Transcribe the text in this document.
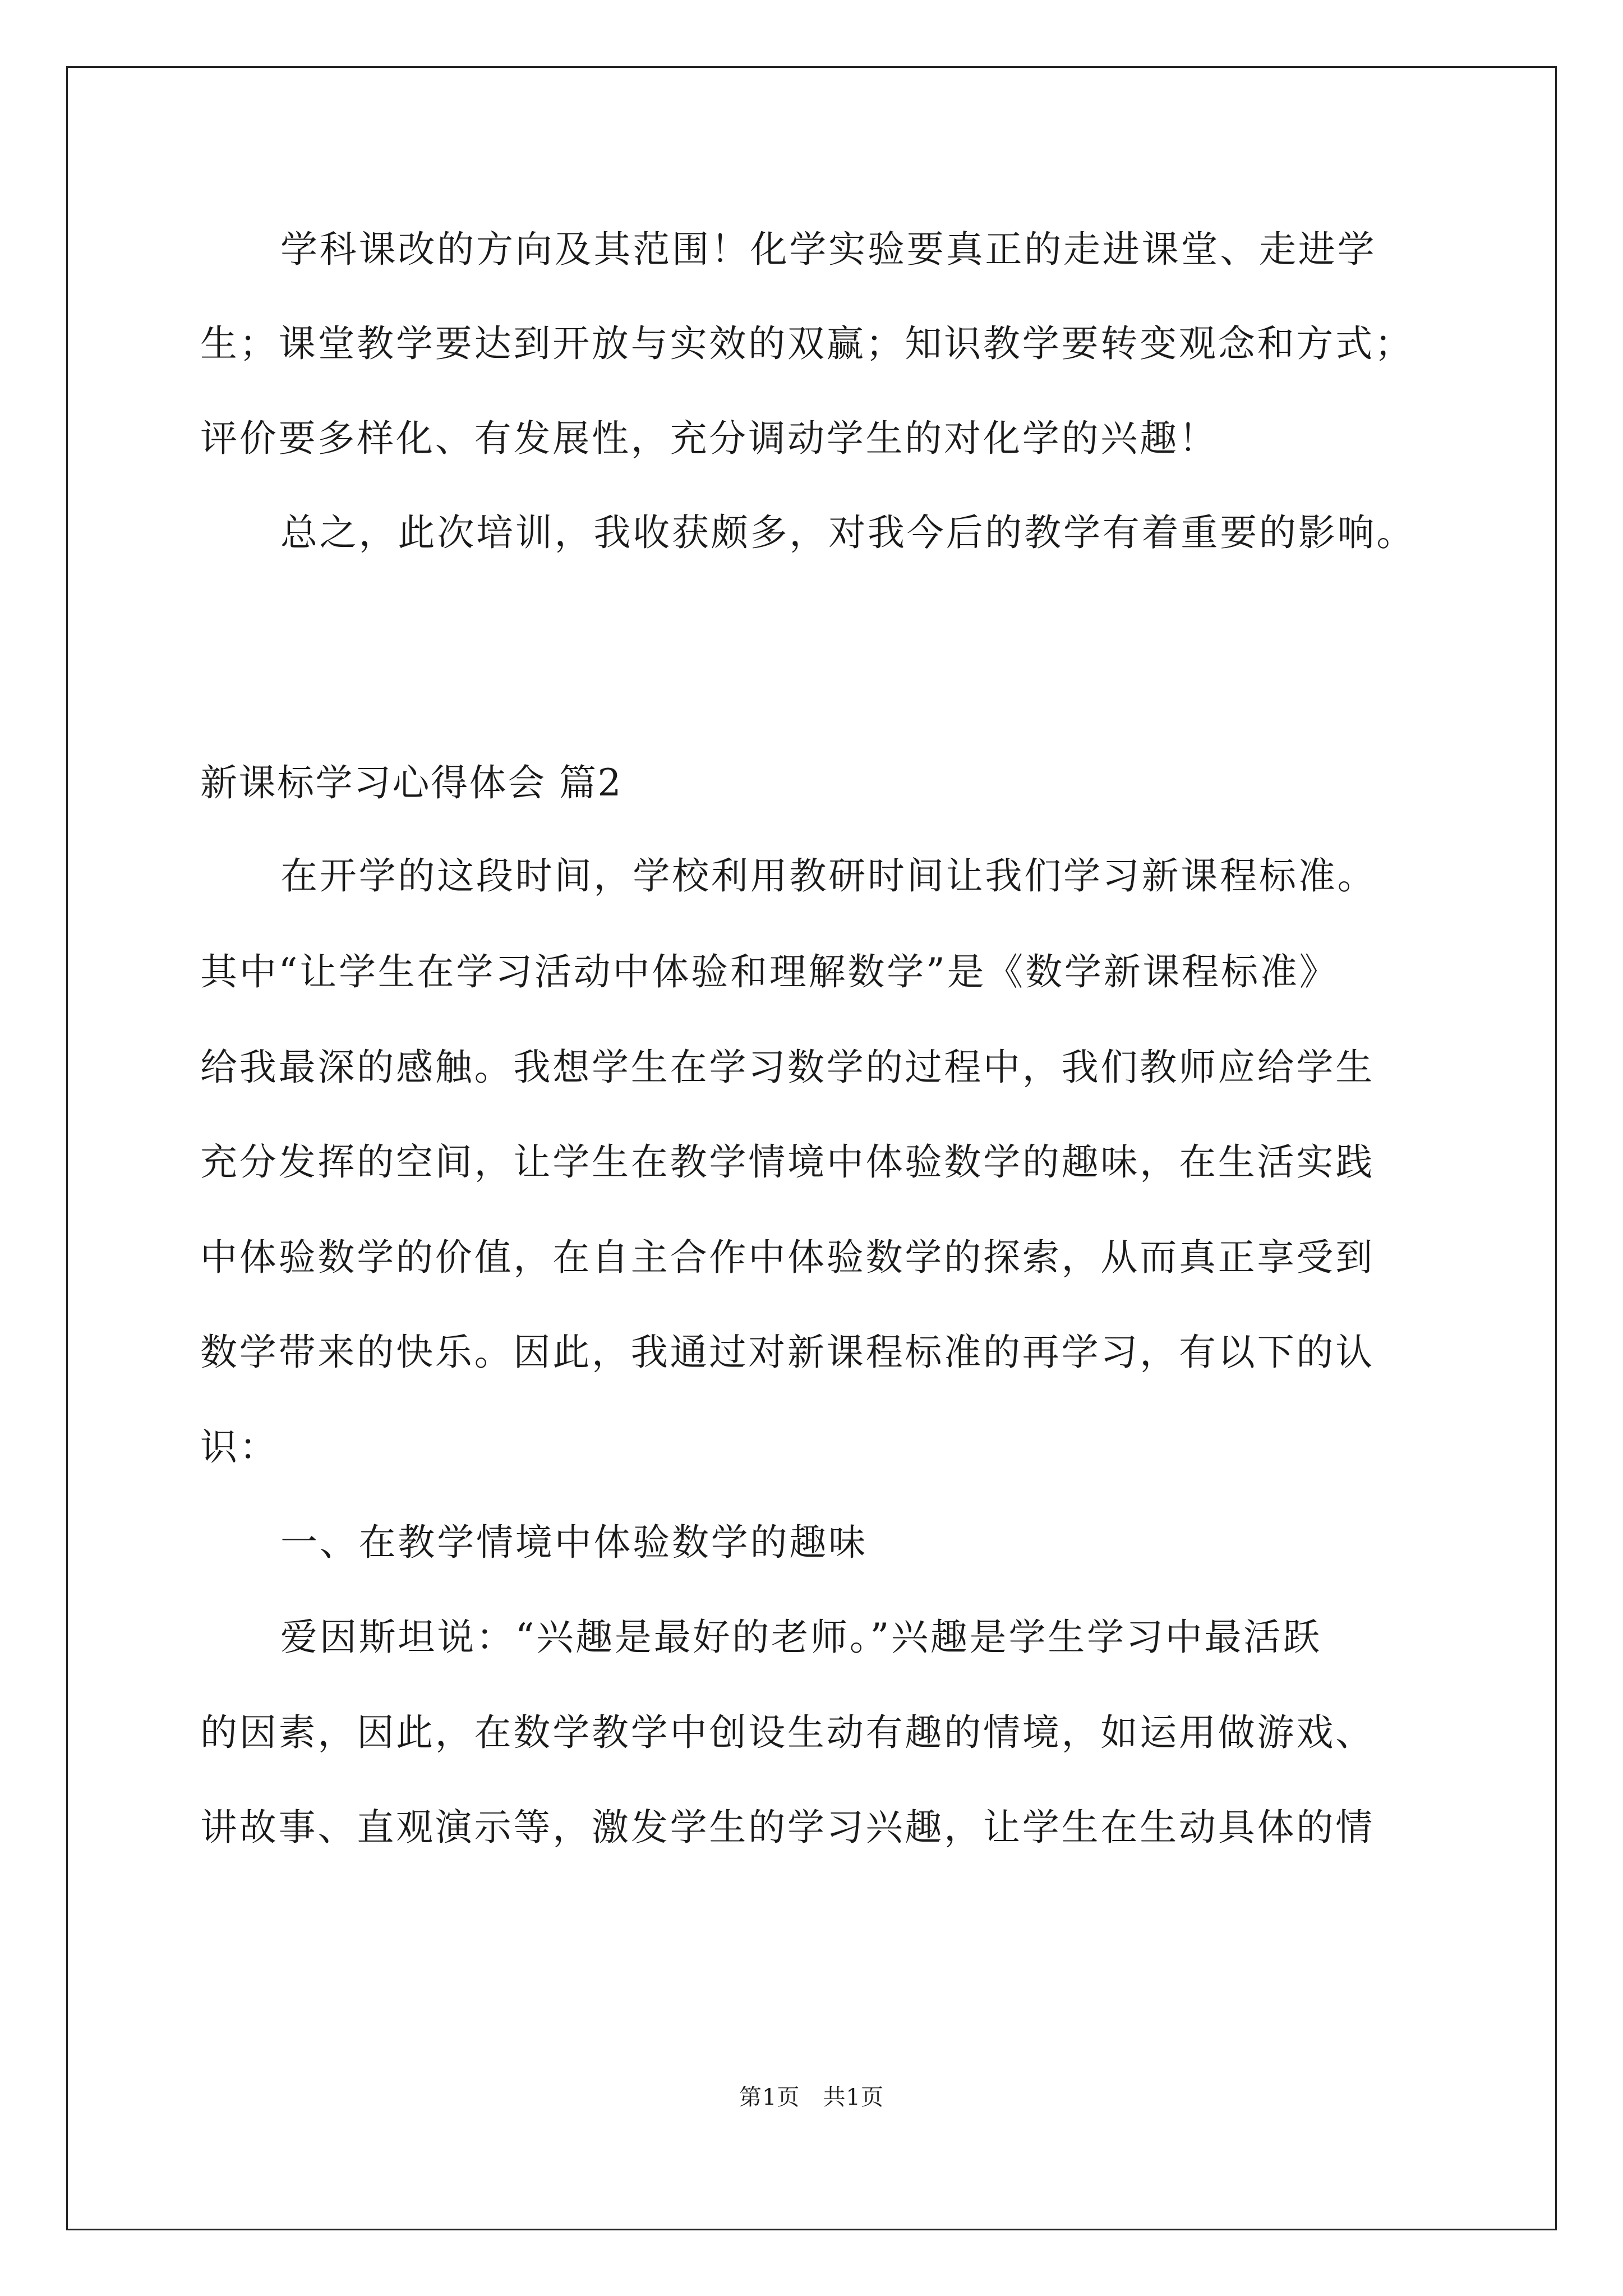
学科课改的方向及其范围！化学实验要真正的走进课堂、走进学
生；课堂教学要达到开放与实效的双赢；知识教学要转变观念和方式；
评价要多样化、有发展性，充分调动学生的对化学的兴趣！
总之，此次培训，我收获颇多，对我今后的教学有着重要的影响。
新课标学习心得体会 篇2
在开学的这段时间，学校利用教研时间让我们学习新课程标准。
其中“让学生在学习活动中体验和理解数学”是《数学新课程标准》
给我最深的感触。我想学生在学习数学的过程中，我们教师应给学生
充分发挥的空间，让学生在教学情境中体验数学的趣味，在生活实践
中体验数学的价值，在自主合作中体验数学的探索，从而真正享受到
数学带来的快乐。因此，我通过对新课程标准的再学习，有以下的认
识：
一、在教学情境中体验数学的趣味
爱因斯坦说：“兴趣是最好的老师。”兴趣是学生学习中最活跃
的因素，因此，在数学教学中创设生动有趣的情境，如运用做游戏、
讲故事、直观演示等，激发学生的学习兴趣，让学生在生动具体的情
第1页   共1页
